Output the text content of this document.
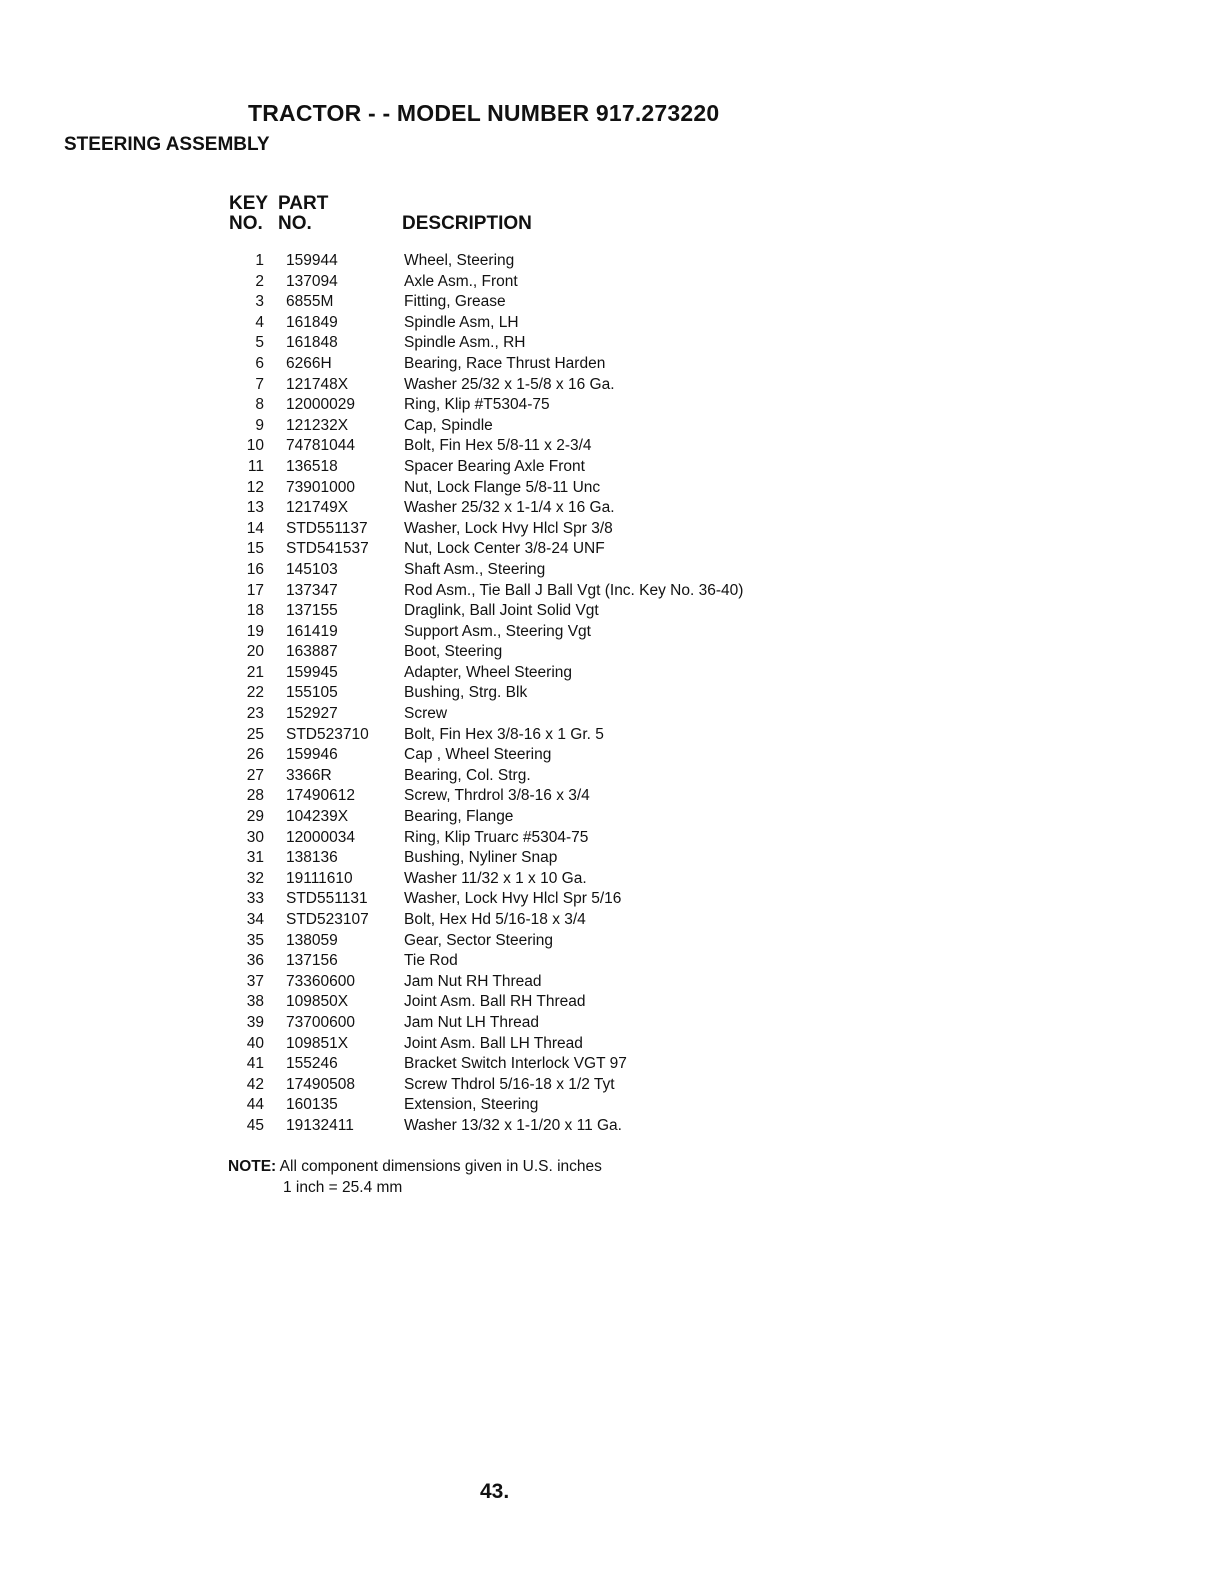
TRACTOR - - MODEL NUMBER 917.273220
STEERING ASSEMBLY
KEY
NO.
PART
NO.	DESCRIPTION
1 159944	Wheel, Steering
2 137094	Axle Asm., Front
3 6855M	Fitting, Grease
4 161849	Spindle Asm, LH
5 161848	Spindle Asm., RH
6 6266H	Bearing, Race Thrust Harden
7 121748X	Washer 25/32 x 1-5/8 x 16 Ga.
8 12000029	Ring, Klip #T5304-75
9 121232X	Cap, Spindle
10 74781044	Bolt, Fin Hex 5/8-11 x 2-3/4
11 136518	Spacer Bearing Axle Front
12 73901000	Nut, Lock Flange 5/8-11 Unc
13 121749X	Washer 25/32 x 1-1/4 x 16 Ga.
14 STD551137 Washer, Lock Hvy Hlcl Spr 3/8
15 STD541537 Nut, Lock Center 3/8-24 UNF
16 145103	Shaft Asm., Steering
17 137347	Rod Asm., Tie Ball J Ball Vgt (Inc. Key No. 36-40)
18 137155	Draglink, Ball Joint Solid Vgt
19 161419	Support Asm., Steering Vgt
20 163887	Boot, Steering
21 159945	Adapter, Wheel Steering
22 155105	Bushing, Strg. Blk
23 152927	Screw
25 STD523710 Bolt, Fin Hex 3/8-16 x 1 Gr. 5
26 159946	Cap , Wheel Steering
27 3366R	Bearing, Col. Strg.
28 17490612	Screw, Thrdrol 3/8-16 x 3/4
29 104239X	Bearing, Flange
30 12000034	Ring, Klip Truarc #5304-75
31 138136	Bushing, Nyliner Snap
32 19111610	Washer 11/32 x 1 x 10 Ga.
33 STD551131 Washer, Lock Hvy Hlcl Spr 5/16
34 STD523107 Bolt, Hex Hd 5/16-18 x 3/4
35 138059	Gear, Sector Steering
36 137156	Tie Rod
37 73360600	Jam Nut RH Thread
38 109850X	Joint Asm. Ball RH Thread
39 73700600	Jam Nut LH Thread
40 109851X	Joint Asm. Ball LH Thread
41 155246	Bracket Switch Interlock VGT 97
42 17490508	Screw Thdrol 5/16-18 x 1/2 Tyt
44 160135	Extension, Steering
45 19132411	Washer 13/32 x 1-1/20 x 11 Ga.
NOTE: All component dimensions given in U.S. inches
1 inch = 25.4 mm
43.
